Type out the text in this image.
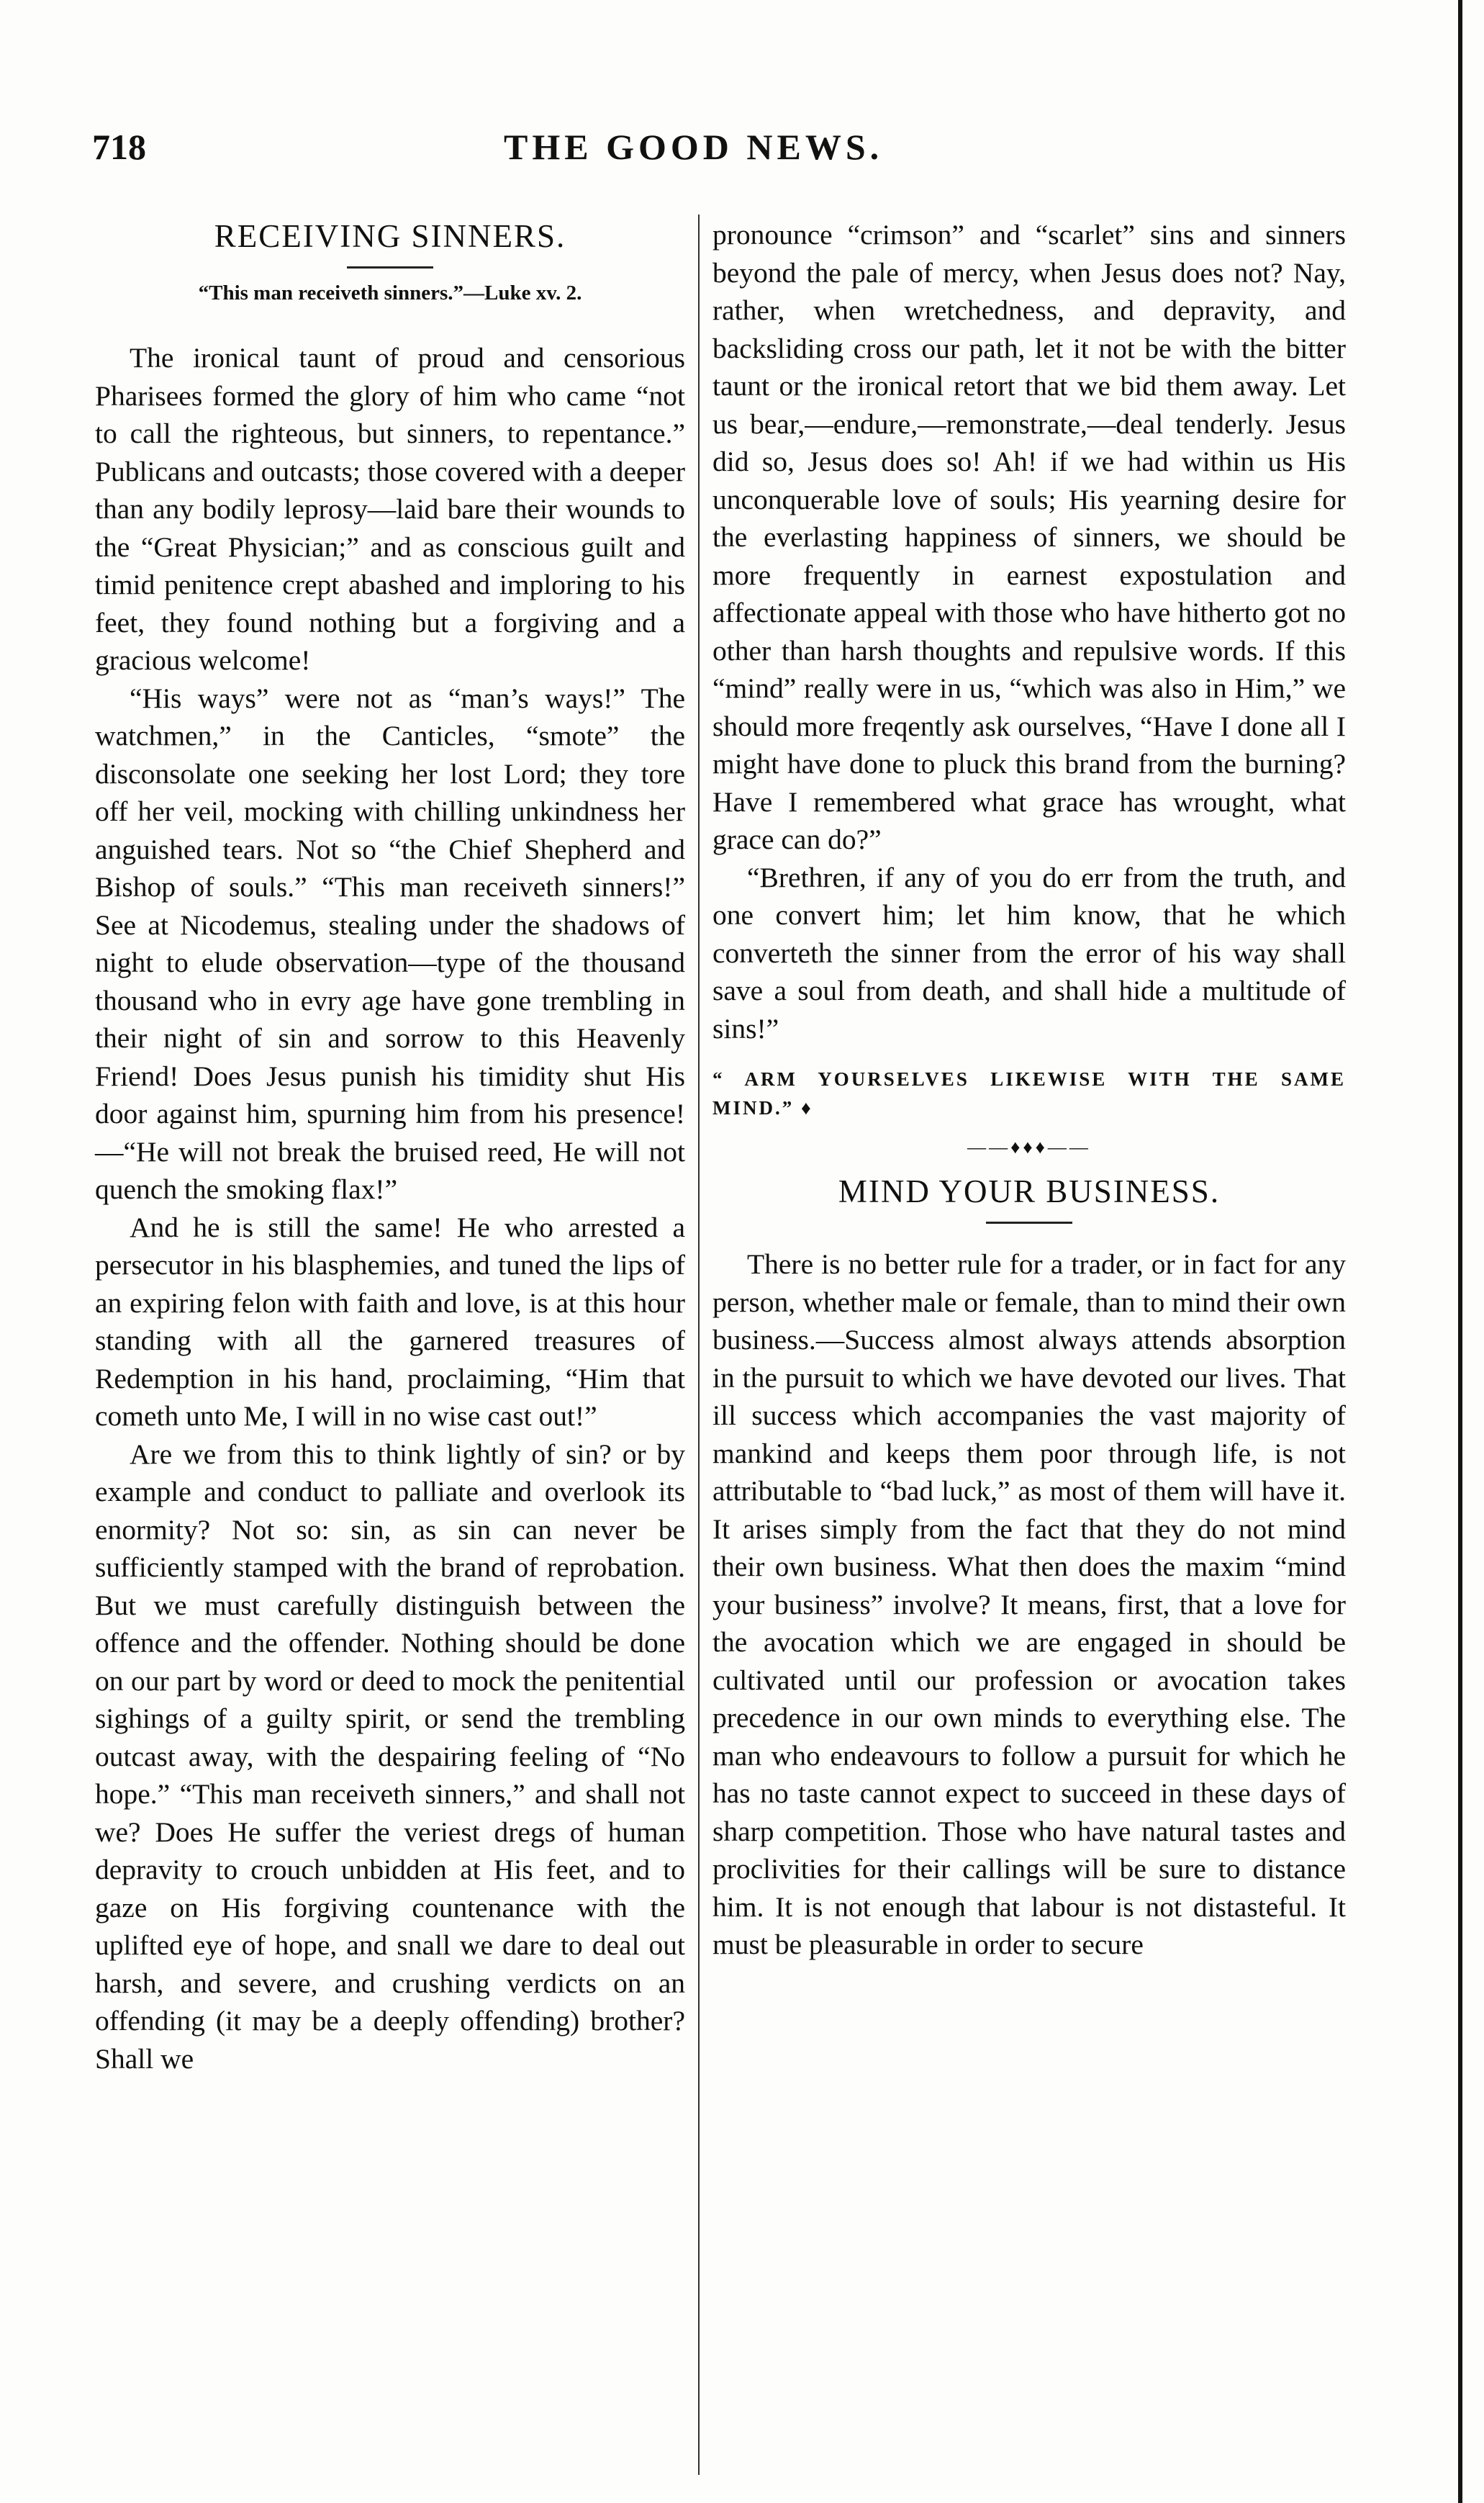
718	THE GOOD NEWS.
RECEIVING SINNERS.
“This man receiveth sinners.”—Luke xv. 2.

The ironical taunt of proud and censorious Pharisees formed the glory of him who came “not to call the righteous, but sinners, to repentance.” Publicans and outcasts; those covered with a deeper than any bodily leprosy—laid bare their wounds to the “Great Physician;” and as conscious guilt and timid penitence crept abashed and imploring to his feet, they found nothing but a forgiving and a gracious welcome!

“His ways” were not as “man’s ways!” The watchmen,” in the Canticles, “smote” the disconsolate one seeking her lost Lord; they tore off her veil, mocking with chilling unkindness her anguished tears. Not so “the Chief Shepherd and Bishop of souls.” “This man receiveth sinners!” See at Nicodemus, stealing under the shadows of night to elude observation—type of the thousand thousand who in evry age have gone trembling in their night of sin and sorrow to this Heavenly Friend! Does Jesus punish his timidity shut His door against him, spurning him from his presence! —“He will not break the bruised reed, He will not quench the smoking flax!”

And he is still the same! He who arrested a persecutor in his blasphemies, and tuned the lips of an expiring felon with faith and love, is at this hour standing with all the garnered treasures of Redemption in his hand, proclaiming, “Him that cometh unto Me, I will in no wise cast out!”

Are we from this to think lightly of sin? or by example and conduct to palliate and overlook its enormity? Not so: sin, as sin can never be sufficiently stamped with the brand of reprobation. But we must carefully distinguish between the offence and the offender. Nothing should be done on our part by word or deed to mock the penitential sighings of a guilty spirit, or send the trembling outcast away, with the despairing feeling of “No hope.” “This man receiveth sinners,” and shall not we? Does He suffer the veriest dregs of human depravity to crouch unbidden at His feet, and to gaze on His forgiving countenance with the uplifted eye of hope, and snall we dare to deal out harsh, and severe, and crushing verdicts on an offending (it may be a deeply offending) brother? Shall we

pronounce “crimson” and “scarlet” sins and sinners beyond the pale of mercy, when Jesus does not? Nay, rather, when wretchedness, and depravity, and backsliding cross our path, let it not be with the bitter taunt or the ironical retort that we bid them away. Let us bear,—endure,—remonstrate,—deal tenderly. Jesus did so, Jesus does so! Ah! if we had within us His unconquerable love of souls; His yearning desire for the everlasting happiness of sinners, we should be more frequently in earnest expostulation and affectionate appeal with those who have hitherto got no other than harsh thoughts and repulsive words. If this “mind” really were in us, “which was also in Him,” we should more freqently ask ourselves, “Have I done all I might have done to pluck this brand from the burning? Have I remembered what grace has wrought, what grace can do?”

“Brethren, if any of you do err from the truth, and one convert him; let him know, that he which converteth the sinner from the error of his way shall save a soul from death, and shall hide a multitude of sins!”

“ ARM YOURSELVES LIKEWISE WITH THE SAME MIND.” ♦
——♦♦♦——
MIND YOUR BUSINESS.

There is no better rule for a trader, or in fact for any person, whether male or female, than to mind their own business.—Success almost always attends absorption in the pursuit to which we have devoted our lives. That ill success which accompanies the vast majority of mankind and keeps them poor through life, is not attributable to “bad luck,” as most of them will have it. It arises simply from the fact that they do not mind their own business. What then does the maxim “mind your business” involve? It means, first, that a love for the avocation which we are engaged in should be cultivated until our profession or avocation takes precedence in our own minds to everything else. The man who endeavours to follow a pursuit for which he has no taste cannot expect to succeed in these days of sharp competition. Those who have natural tastes and proclivities for their callings will be sure to distance him. It is not enough that labour is not distasteful. It must be pleasurable in order to secure
